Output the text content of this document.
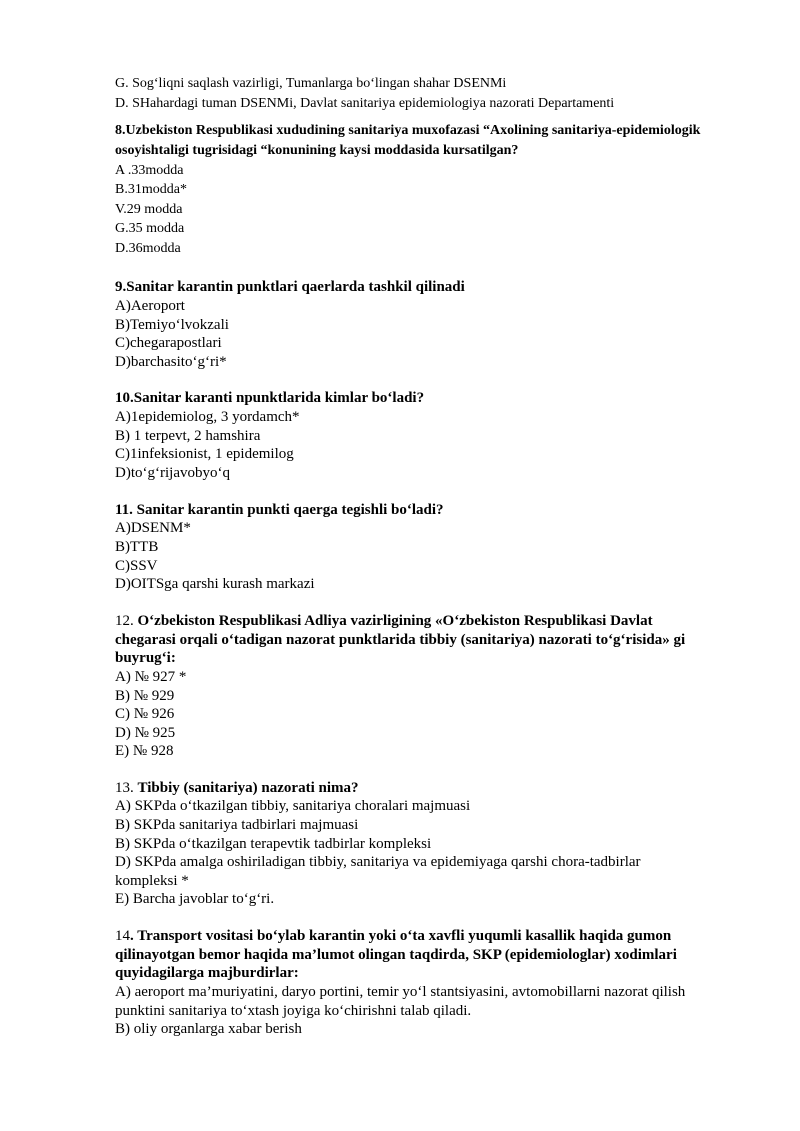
G. Sog‘liqni saqlash vazirligi, Tumanlarga bo‘lingan shahar DSENMi
D. SHahardagi tuman DSENMi, Davlat sanitariya epidemiologiya nazorati Departamenti
8.Uzbekiston Respublikasi xududining sanitariya muxofazasi “Axolining sanitariya-epidemiologik
osoyishtaligi tugrisidagi “konunining kaysi moddasida kursatilgan?
A .33modda
B.31modda*
V.29 modda
G.35 modda
D.36modda
9.Sanitar karantin punktlari qaerlarda tashkil qilinadi
A)Aeroport
B)Temiyo‘lvokzali
C)chegarapostlari
D)barchasito‘g‘ri*
10.Sanitar karanti npunktlarida kimlar bo‘ladi?
A)1epidemiolog, 3 yordamch*
B) 1 terpevt, 2 hamshira
C)1infeksionist, 1 epidemilog
D)to‘g‘rijavobyo‘q
11. Sanitar karantin punkti qaerga tegishli bo‘ladi?
A)DSENM*
B)TTB
C)SSV
D)OITSga qarshi kurash markazi
12. O‘zbekiston Respublikasi Adliya vazirligining «O‘zbekiston Respublikasi Davlat
chegarasi orqali o‘tadigan nazorat punktlarida tibbiy (sanitariya) nazorati to‘g‘risida» gi
buyrug‘i:
A) № 927 *
B) № 929
C) № 926
D) № 925
E) № 928
13. Tibbiy (sanitariya) nazorati nima?
A) SKPda o‘tkazilgan tibbiy, sanitariya choralari majmuasi
B) SKPda sanitariya tadbirlari majmuasi
B) SKPda o‘tkazilgan terapevtik tadbirlar kompleksi
D) SKPda amalga oshiriladigan tibbiy, sanitariya va epidemiyaga qarshi chora-tadbirlar
kompleksi *
E) Barcha javoblar to‘g‘ri.
14. Transport vositasi bo‘ylab karantin yoki o‘ta xavfli yuqumli kasallik haqida gumon
qilinayotgan bemor haqida ma’lumot olingan taqdirda, SKP (epidemiologlar) xodimlari
quyidagilarga majburdirlar:
A) aeroport ma’muriyatini, daryo portini, temir yo‘l stantsiyasini, avtomobillarni nazorat qilish
punktini sanitariya to‘xtash joyiga ko‘chirishni talab qiladi.
B) oliy organlarga xabar berish
